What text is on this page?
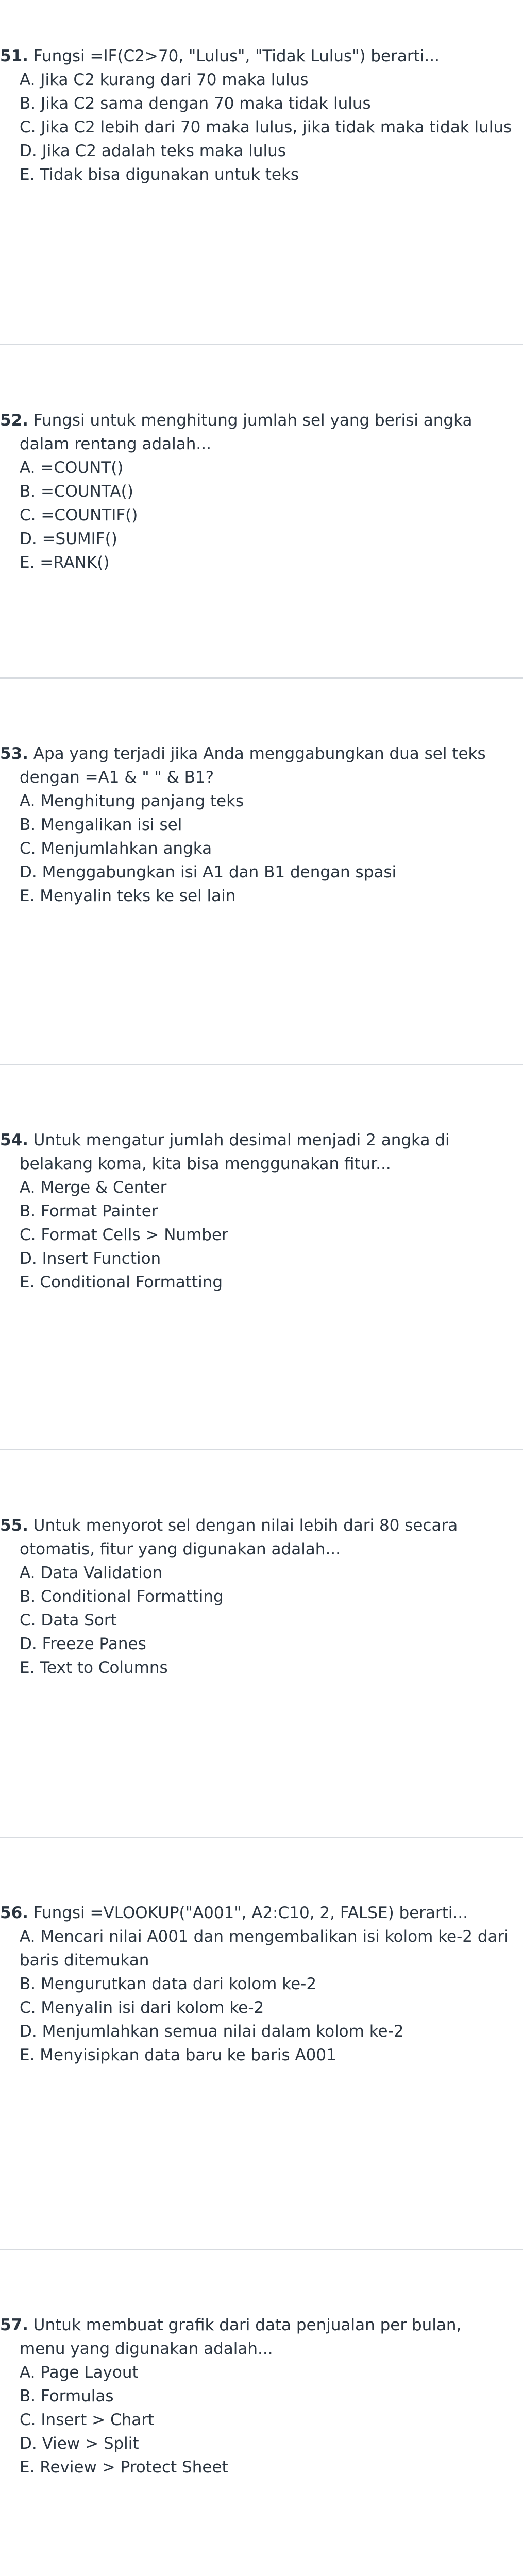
51. Fungsi =IF(C2>70, "Lulus", "Tidak Lulus") berarti...

A. Jika C2 kurang dari 70 maka lulus
B. Jika C2 sama dengan 70 maka tidak lulus
C. Jika C2 lebih dari 70 maka lulus, jika tidak maka tidak lulus
D. Jika C2 adalah teks maka lulus
E. Tidak bisa digunakan untuk teks

52. Fungsi untuk menghitung jumlah sel yang berisi angka dalam rentang adalah...

A. =COUNT()
B. =COUNTA()
C. =COUNTIF()
D. =SUMIF()
E. =RANK()

53. Apa yang terjadi jika Anda menggabungkan dua sel teks dengan =A1 & " " & B1?

A. Menghitung panjang teks
B. Mengalikan isi sel
C. Menjumlahkan angka
D. Menggabungkan isi A1 dan B1 dengan spasi
E. Menyalin teks ke sel lain

54. Untuk mengatur jumlah desimal menjadi 2 angka di belakang koma, kita bisa menggunakan fitur...

A. Merge & Center
B. Format Painter
C. Format Cells > Number
D. Insert Function
E. Conditional Formatting

55. Untuk menyorot sel dengan nilai lebih dari 80 secara otomatis, fitur yang digunakan adalah...

A. Data Validation
B. Conditional Formatting
C. Data Sort
D. Freeze Panes
E. Text to Columns

56. Fungsi =VLOOKUP("A001", A2:C10, 2, FALSE) berarti...

A. Mencari nilai A001 dan mengembalikan isi kolom ke-2 dari baris ditemukan
B. Mengurutkan data dari kolom ke-2
C. Menyalin isi dari kolom ke-2
D. Menjumlahkan semua nilai dalam kolom ke-2
E. Menyisipkan data baru ke baris A001

57. Untuk membuat grafik dari data penjualan per bulan, menu yang digunakan adalah...

A. Page Layout
B. Formulas
C. Insert > Chart
D. View > Split
E. Review > Protect Sheet
